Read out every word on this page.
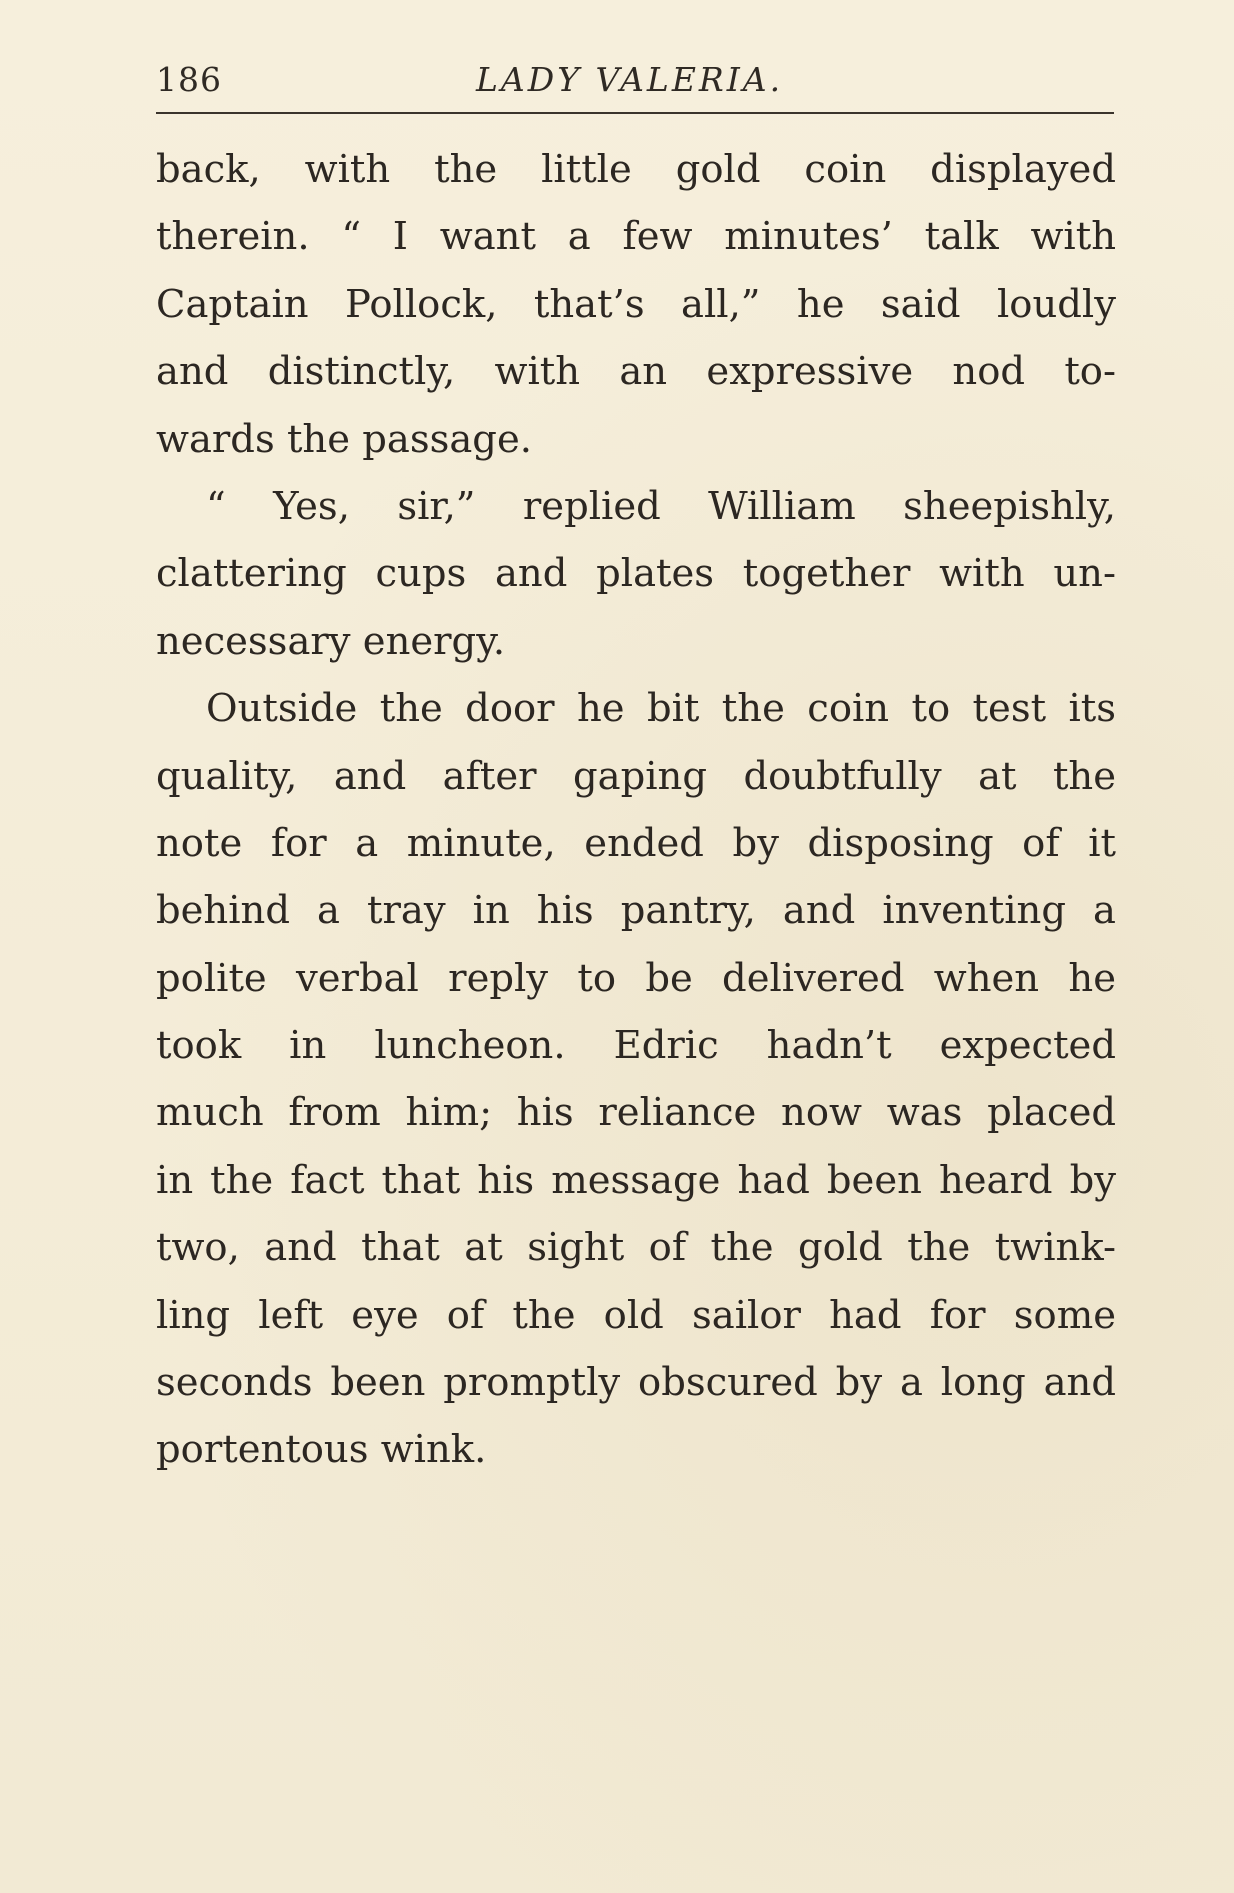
186	LADY VALERIA.
back, with the little gold coin displayed
therein. “ I want a few minutes’ talk with
Captain Pollock, that’s all,” he said loudly
and distinctly, with an expressive nod to-
wards the passage.
“ Yes, sir,” replied William sheepishly,
clattering cups and plates together with un-
necessary energy.
Outside the door he bit the coin to test its
quality, and after gaping doubtfully at the
note for a minute, ended by disposing of it
behind a tray in his pantry, and inventing a
polite verbal reply to be delivered when he
took in luncheon. Edric hadn’t expected
much from him; his reliance now was placed
in the fact that his message had been heard by
two, and that at sight of the gold the twink-
ling left eye of the old sailor had for some
seconds been promptly obscured by a long and
portentous wink.
